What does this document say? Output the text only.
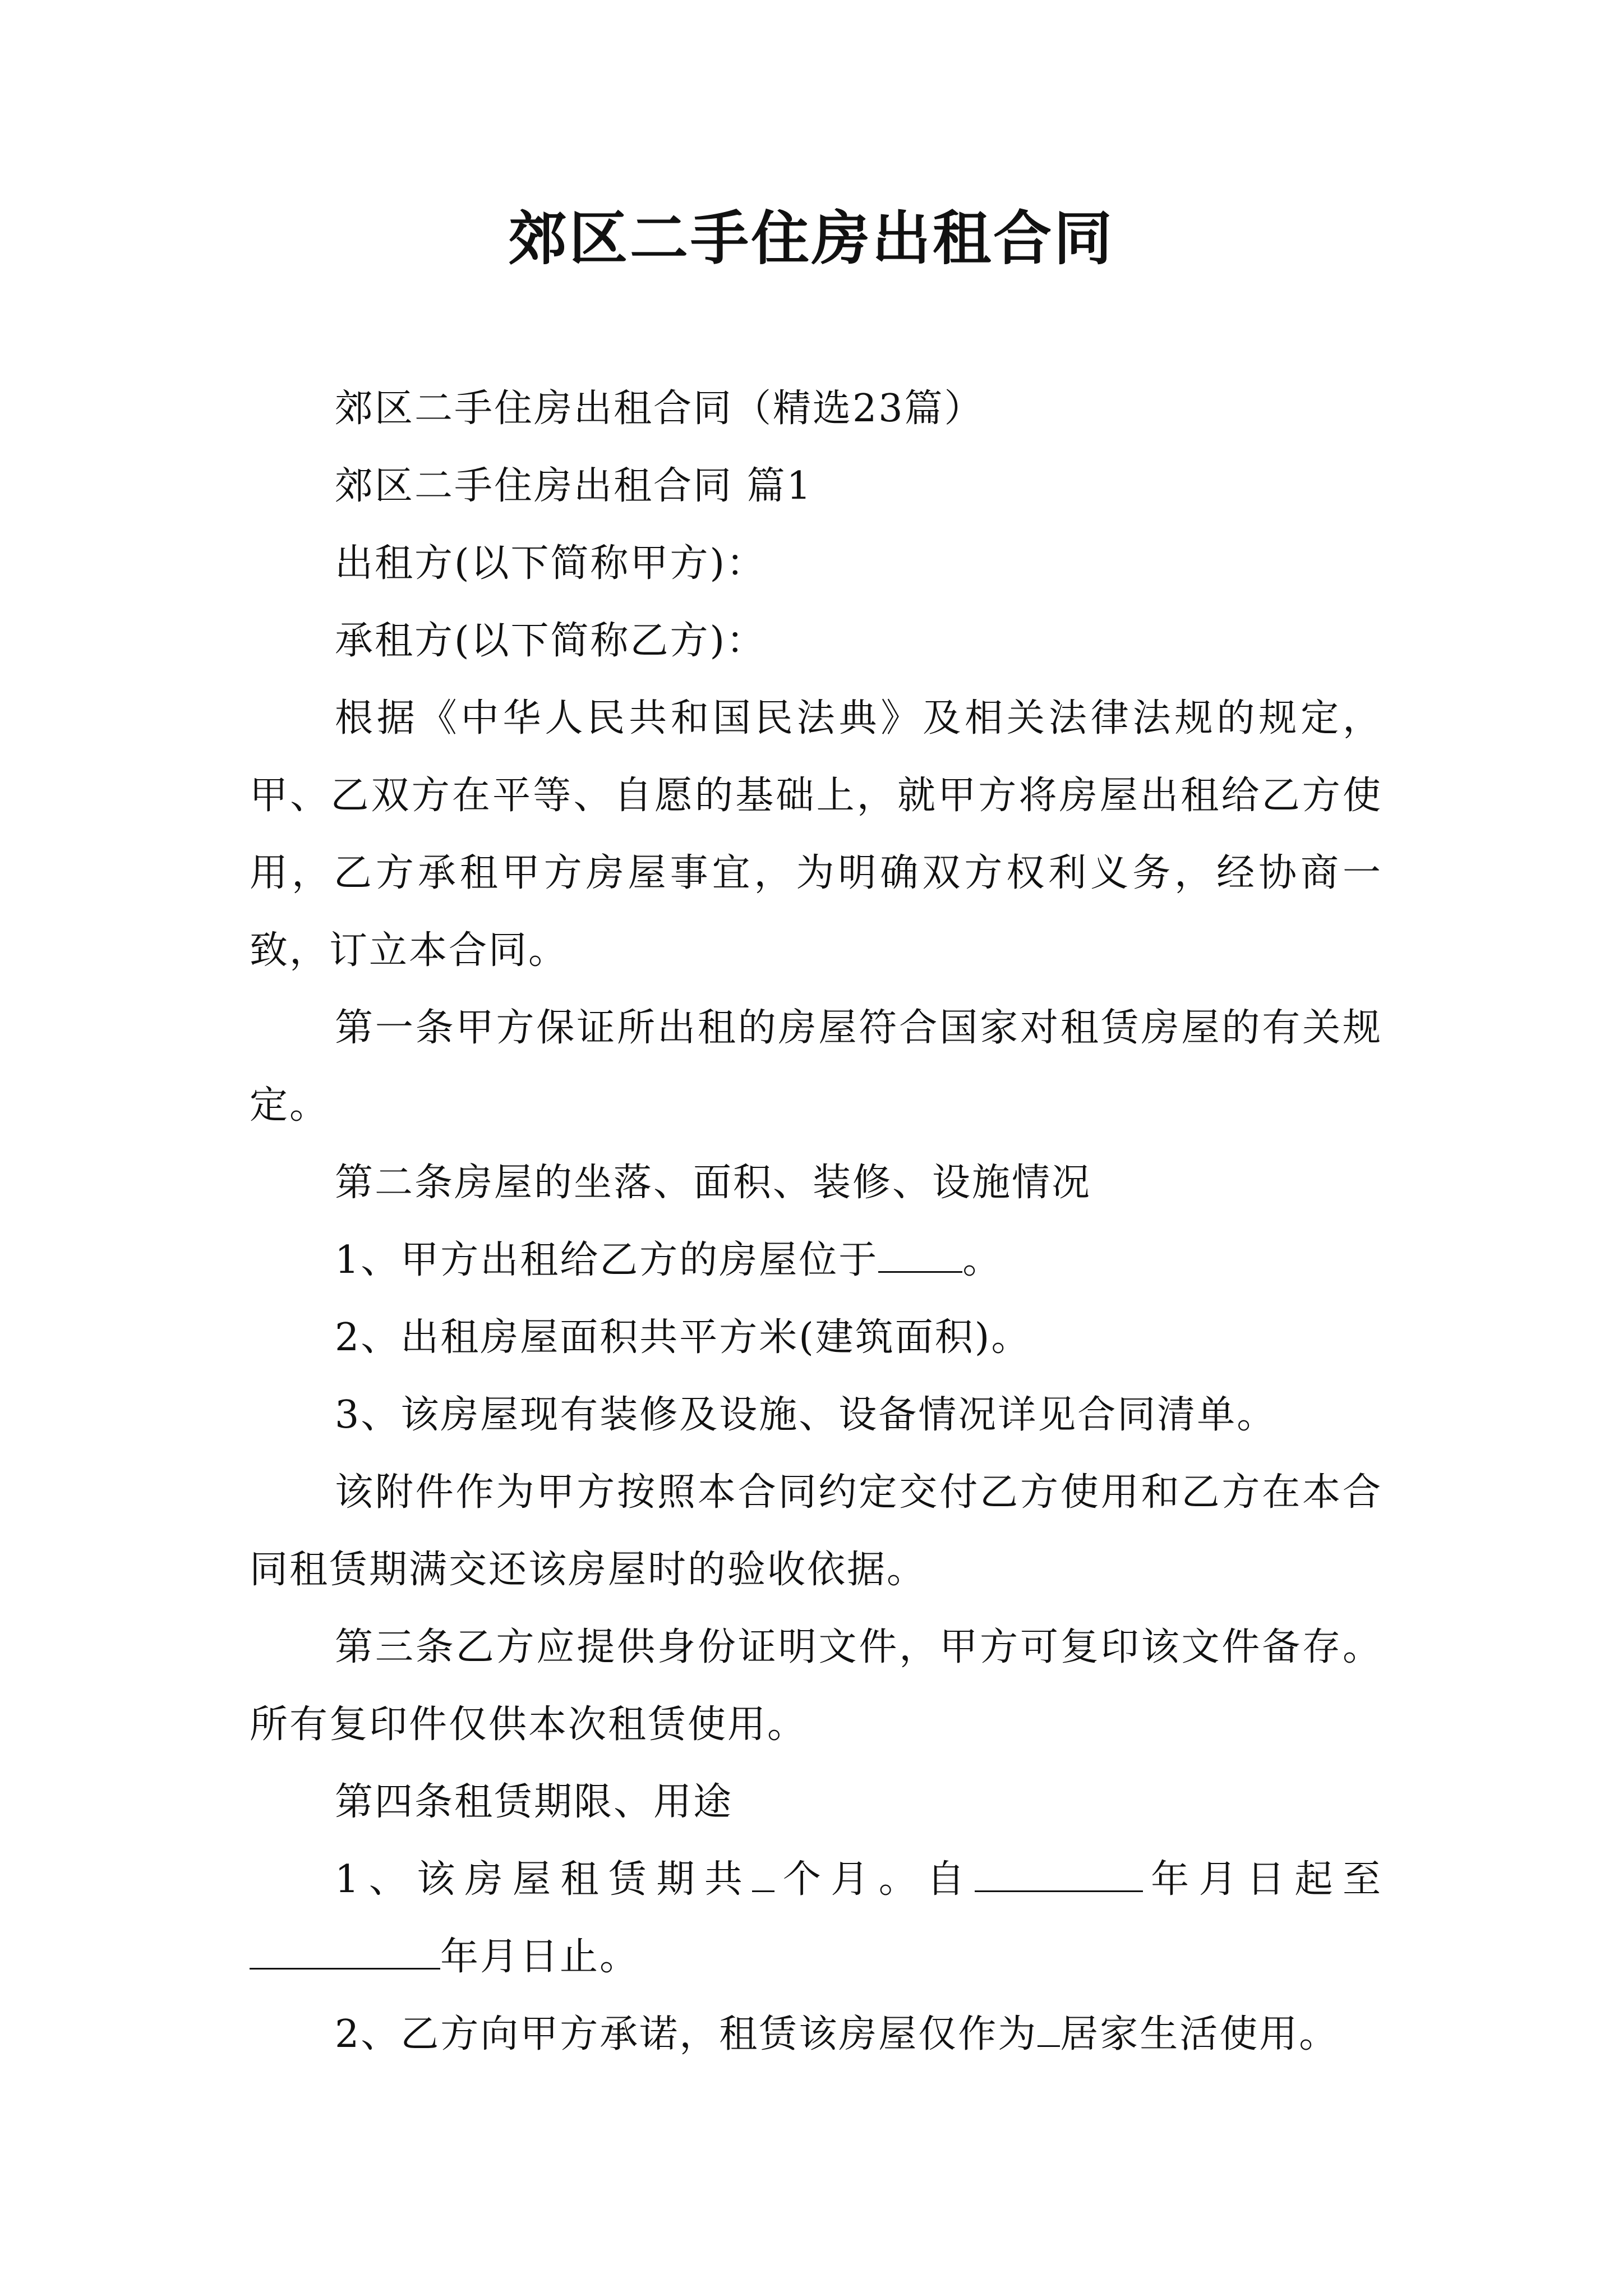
郊区二手住房出租合同

郊区二手住房出租合同（精选23篇）

郊区二手住房出租合同 篇1

出租方(以下简称甲方)：

承租方(以下简称乙方)：

根据《中华人民共和国民法典》及相关法律法规的规定，甲、乙双方在平等、自愿的基础上，就甲方将房屋出租给乙方使用，乙方承租甲方房屋事宜，为明确双方权利义务，经协商一致，订立本合同。

第一条甲方保证所出租的房屋符合国家对租赁房屋的有关规定。

第二条房屋的坐落、面积、装修、设施情况

1、甲方出租给乙方的房屋位于 。

2、出租房屋面积共平方米(建筑面积)。

3、该房屋现有装修及设施、设备情况详见合同清单。

该附件作为甲方按照本合同约定交付乙方使用和乙方在本合同租赁期满交还该房屋时的验收依据。

第三条乙方应提供身份证明文件，甲方可复印该文件备存。所有复印件仅供本次租赁使用。

第四条租赁期限、用途

1、该房屋租赁期共 个月。自	年月日起至年月日止。

2、乙方向甲方承诺，租赁该房屋仅作为 居家生活使用。
